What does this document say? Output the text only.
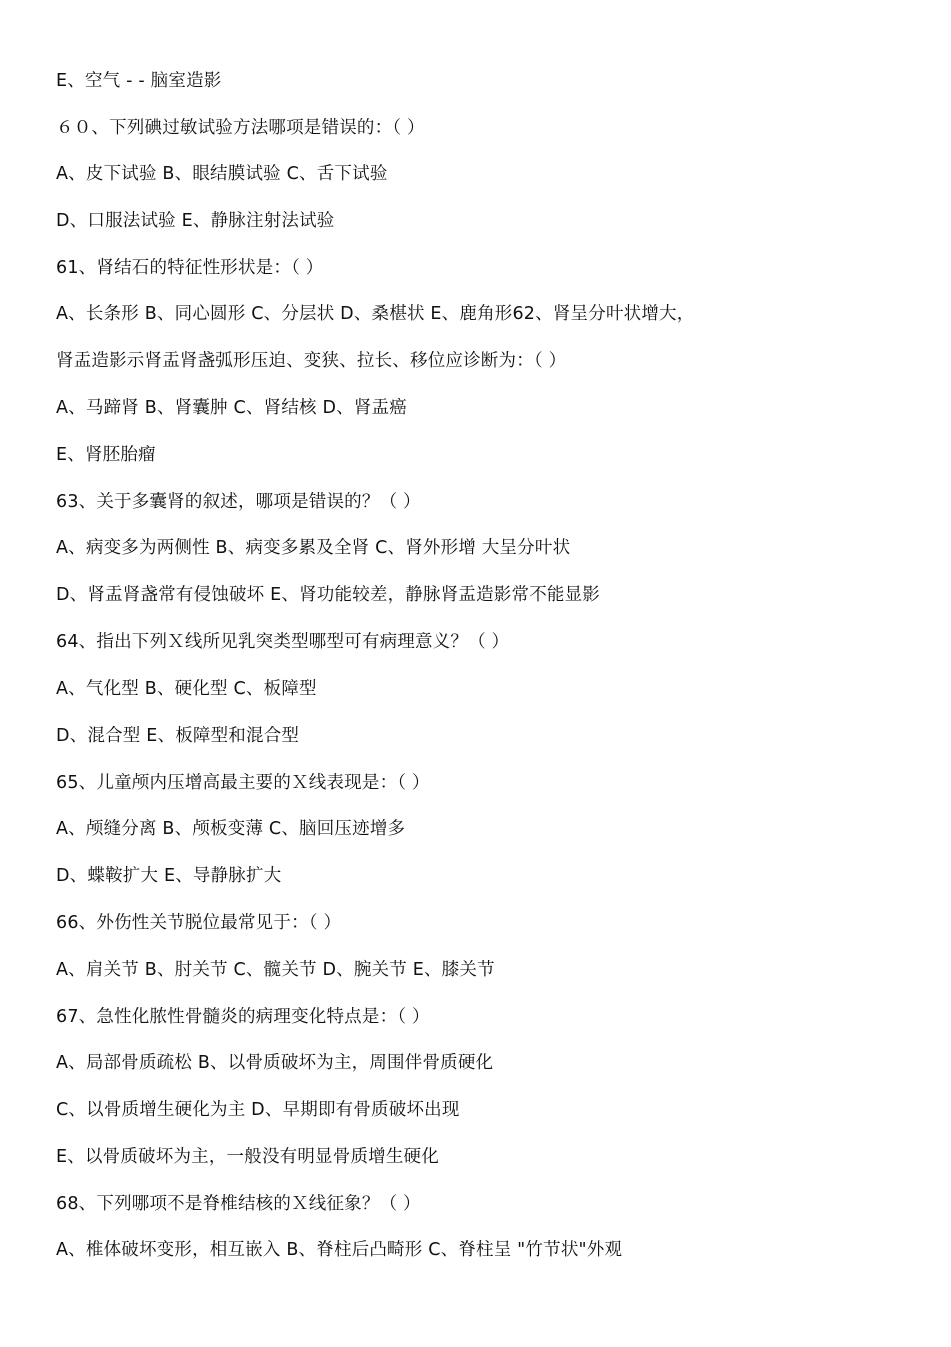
E、空气 - - 脑室造影
６０、下列碘过敏试验方法哪项是错误的：（ ）
A、皮下试验 B、眼结膜试验 C、舌下试验
D、口服法试验 E、静脉注射法试验
61、肾结石的特征性形状是：（ ）
A、长条形 B、同心圆形 C、分层状 D、桑椹状 E、鹿角形62、肾呈分叶状增大，
肾盂造影示肾盂肾盏弧形压迫、变狭、拉长、移位应诊断为：（ ）
A、马蹄肾 B、肾囊肿 C、肾结核 D、肾盂癌
E、肾胚胎瘤
63、关于多囊肾的叙述，哪项是错误的？（ ）
A、病变多为两侧性 B、病变多累及全肾 C、肾外形增 大呈分叶状
D、肾盂肾盏常有侵蚀破坏 E、肾功能较差，静脉肾盂造影常不能显影
64、指出下列Ｘ线所见乳突类型哪型可有病理意义？（ ）
A、气化型 B、硬化型 C、板障型
D、混合型 E、板障型和混合型
65、儿童颅内压增高最主要的Ｘ线表现是：（ ）
A、颅缝分离 B、颅板变薄 C、脑回压迹增多
D、蝶鞍扩大 E、导静脉扩大
66、外伤性关节脱位最常见于：（ ）
A、肩关节 B、肘关节 C、髋关节 D、腕关节 E、膝关节
67、急性化脓性骨髓炎的病理变化特点是：（ ）
A、局部骨质疏松 B、以骨质破坏为主，周围伴骨质硬化
C、以骨质增生硬化为主 D、早期即有骨质破坏出现
E、以骨质破坏为主，一般没有明显骨质增生硬化
68、下列哪项不是脊椎结核的Ｘ线征象？（ ）
A、椎体破坏变形，相互嵌入 B、脊柱后凸畸形 C、脊柱呈 "竹节状"外观
